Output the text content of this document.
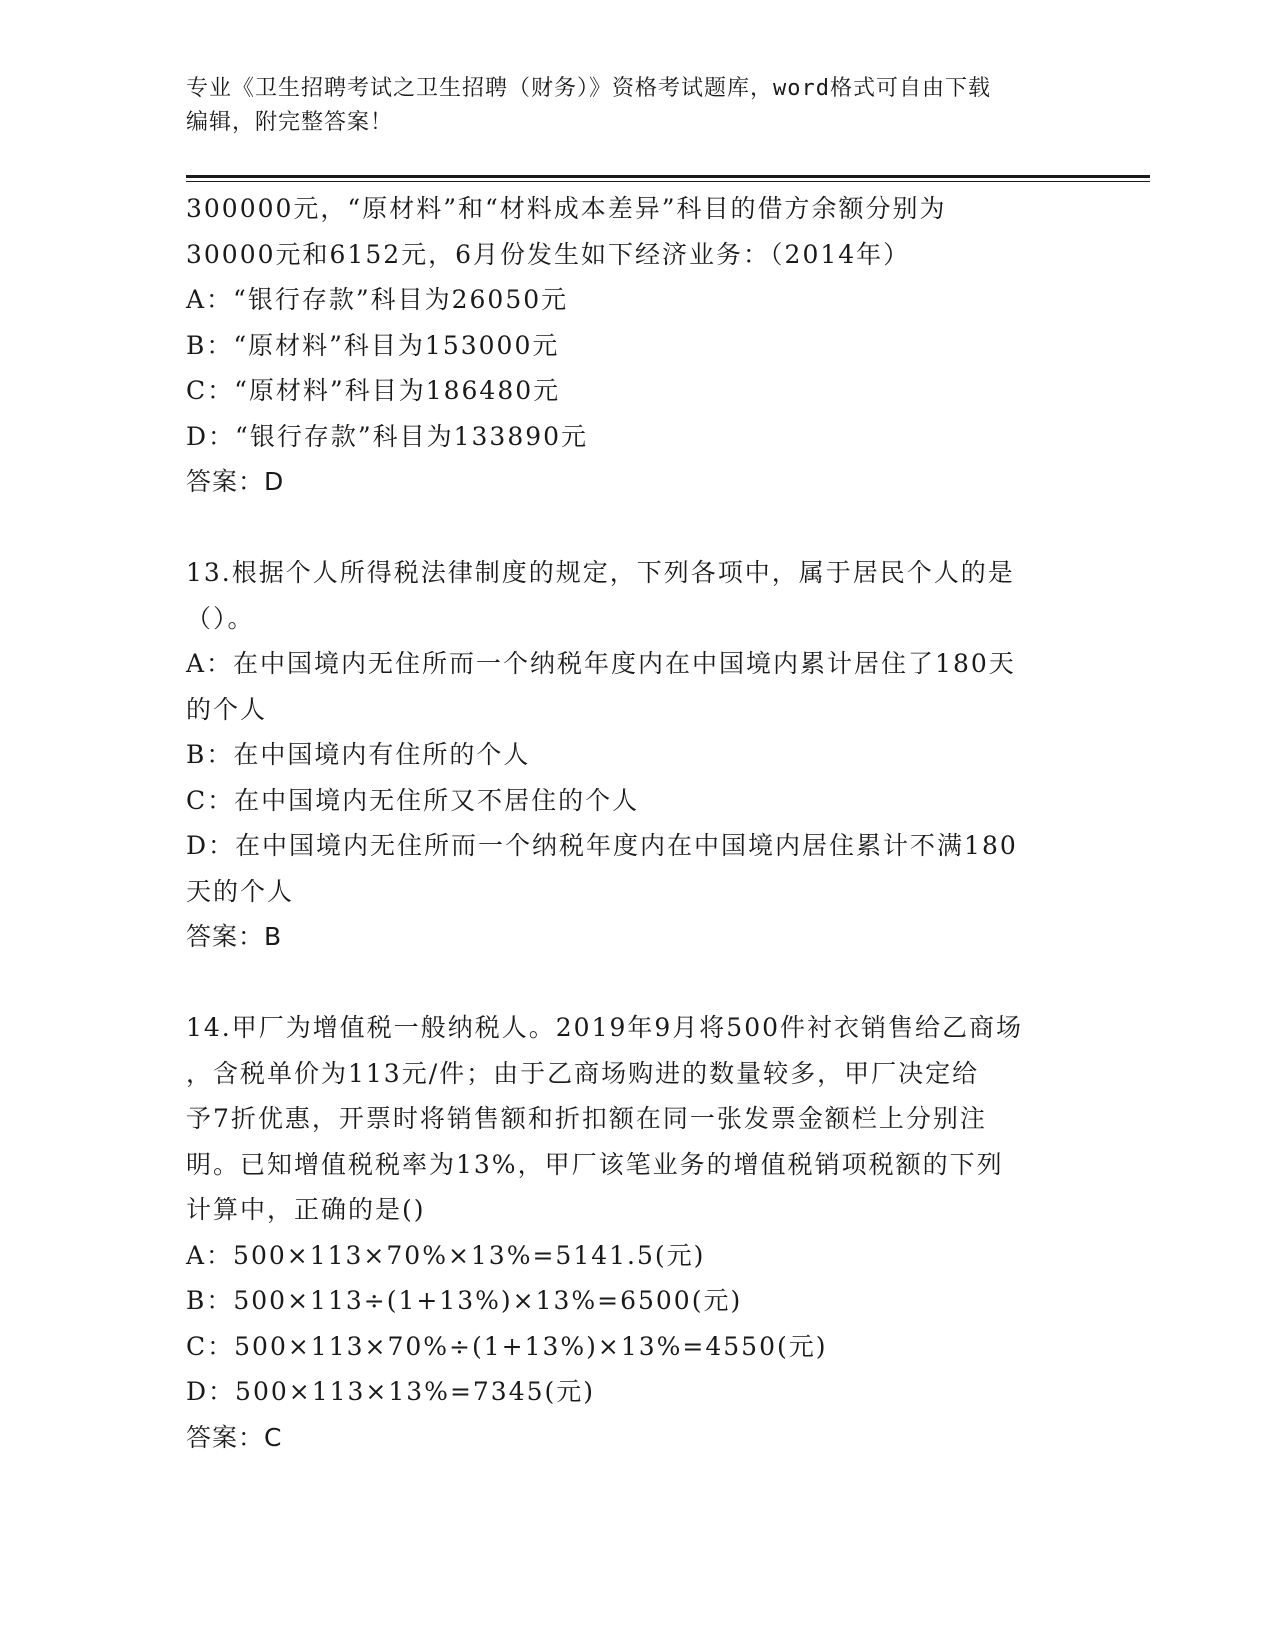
专业《卫生招聘考试之卫生招聘（财务）》资格考试题库，word格式可自由下载
编辑，附完整答案！
300000元，“原材料”和“材料成本差异”科目的借方余额分别为
30000元和6152元，6月份发生如下经济业务：（2014年）
A：“银行存款”科目为26050元
B：“原材料”科目为153000元
C：“原材料”科目为186480元
D：“银行存款”科目为133890元
答案：D
13.根据个人所得税法律制度的规定，下列各项中，属于居民个人的是
（）。
A：在中国境内无住所而一个纳税年度内在中国境内累计居住了180天
的个人
B：在中国境内有住所的个人
C：在中国境内无住所又不居住的个人
D：在中国境内无住所而一个纳税年度内在中国境内居住累计不满180
天的个人
答案：B
14.甲厂为增值税一般纳税人。2019年9月将500件衬衣销售给乙商场
，含税单价为113元/件；由于乙商场购进的数量较多，甲厂决定给
予7折优惠，开票时将销售额和折扣额在同一张发票金额栏上分别注
明。已知增值税税率为13%，甲厂该笔业务的增值税销项税额的下列
计算中，正确的是()
A：500×113×70%×13%=5141.5(元)
B：500×113÷(1+13%)×13%=6500(元)
C：500×113×70%÷(1+13%)×13%=4550(元)
D：500×113×13%=7345(元)
答案：C
